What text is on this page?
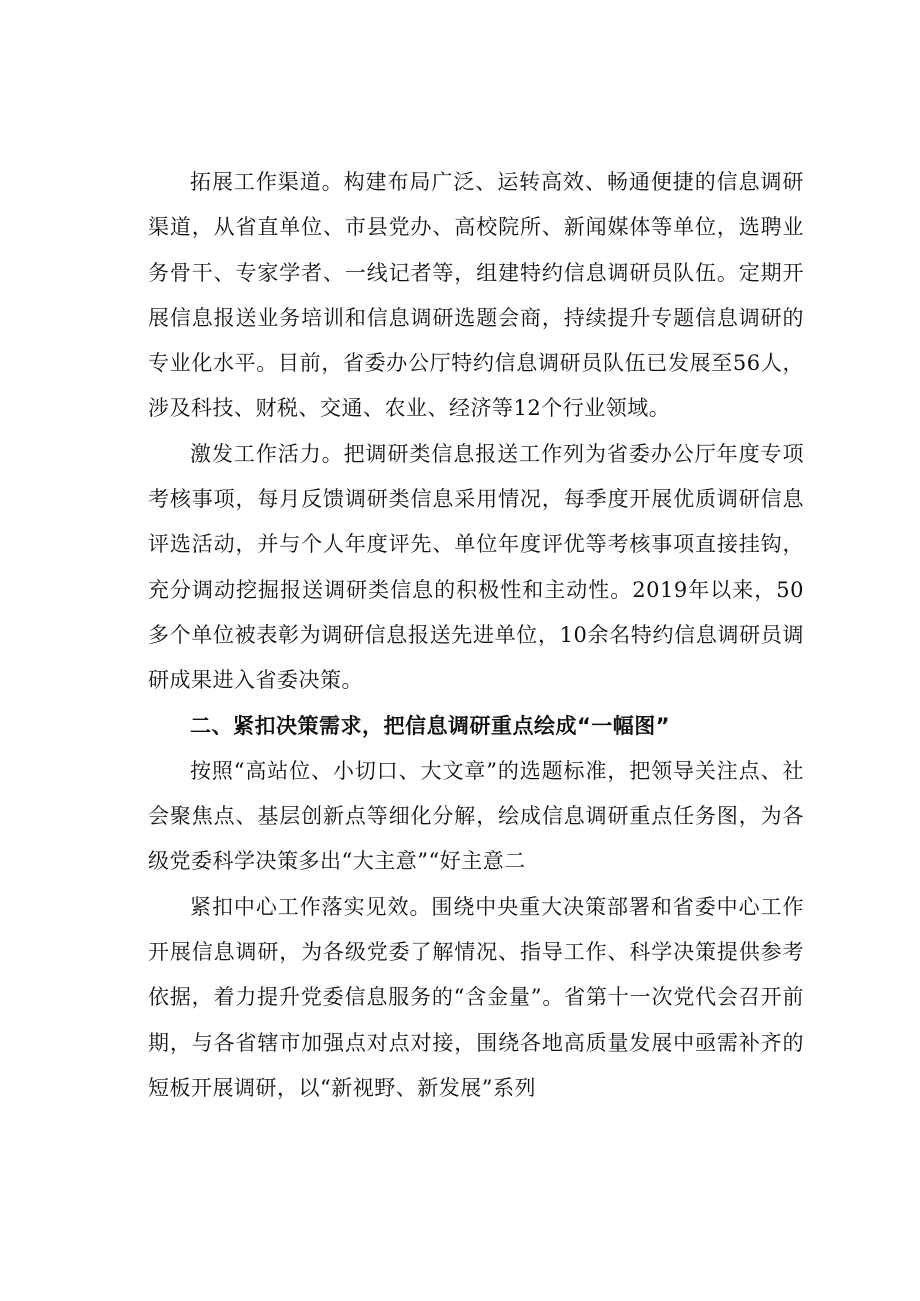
拓展工作渠道。构建布局广泛、运转高效、畅通便捷的信息调研渠道，从省直单位、市县党办、高校院所、新闻媒体等单位，选聘业务骨干、专家学者、一线记者等，组建特约信息调研员队伍。定期开展信息报送业务培训和信息调研选题会商，持续提升专题信息调研的专业化水平。目前，省委办公厅特约信息调研员队伍已发展至56人，涉及科技、财税、交通、农业、经济等12个行业领域。

激发工作活力。把调研类信息报送工作列为省委办公厅年度专项考核事项，每月反馈调研类信息采用情况，每季度开展优质调研信息评选活动，并与个人年度评先、单位年度评优等考核事项直接挂钩，充分调动挖掘报送调研类信息的积极性和主动性。2019年以来，50多个单位被表彰为调研信息报送先进单位，10余名特约信息调研员调研成果进入省委决策。

二、紧扣决策需求，把信息调研重点绘成“一幅图”

按照“高站位、小切口、大文章”的选题标准，把领导关注点、社会聚焦点、基层创新点等细化分解，绘成信息调研重点任务图，为各级党委科学决策多出“大主意”“好主意二

紧扣中心工作落实见效。围绕中央重大决策部署和省委中心工作开展信息调研，为各级党委了解情况、指导工作、科学决策提供参考依据，着力提升党委信息服务的“含金量”。省第十一次党代会召开前期，与各省辖市加强点对点对接，围绕各地高质量发展中亟需补齐的短板开展调研，以“新视野、新发展”系列
